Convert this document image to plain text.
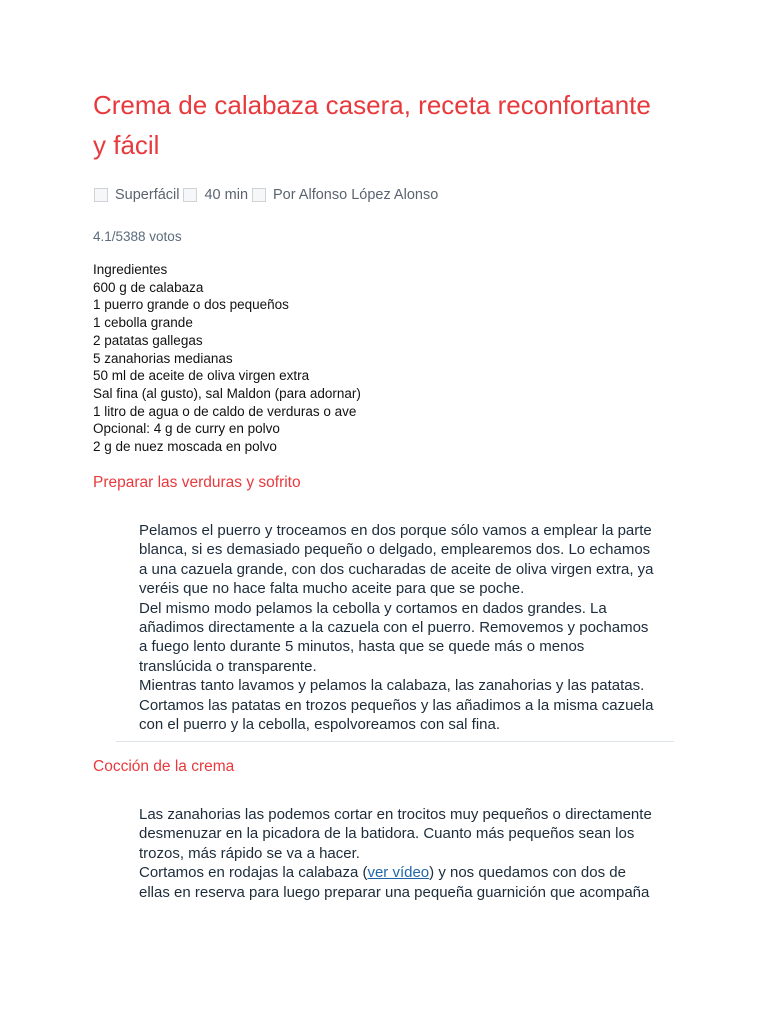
Crema de calabaza casera, receta reconfortante y fácil
Superfácil 40 min Por Alfonso López Alonso
4.1/5388 votos
Ingredientes
600 g de calabaza
1 puerro grande o dos pequeños
1 cebolla grande
2 patatas gallegas
5 zanahorias medianas
50 ml de aceite de oliva virgen extra
Sal fina (al gusto), sal Maldon (para adornar)
1 litro de agua o de caldo de verduras o ave
Opcional: 4 g de curry en polvo
2 g de nuez moscada en polvo
Preparar las verduras y sofrito
Pelamos el puerro y troceamos en dos porque sólo vamos a emplear la parte
blanca, si es demasiado pequeño o delgado, emplearemos dos. Lo echamos
a una cazuela grande, con dos cucharadas de aceite de oliva virgen extra, ya
veréis que no hace falta mucho aceite para que se poche.
Del mismo modo pelamos la cebolla y cortamos en dados grandes. La
añadimos directamente a la cazuela con el puerro. Removemos y pochamos
a fuego lento durante 5 minutos, hasta que se quede más o menos
translúcida o transparente.
Mientras tanto lavamos y pelamos la calabaza, las zanahorias y las patatas.
Cortamos las patatas en trozos pequeños y las añadimos a la misma cazuela
con el puerro y la cebolla, espolvoreamos con sal fina.
Cocción de la crema
Las zanahorias las podemos cortar en trocitos muy pequeños o directamente
desmenuzar en la picadora de la batidora. Cuanto más pequeños sean los
trozos, más rápido se va a hacer.
Cortamos en rodajas la calabaza (ver vídeo) y nos quedamos con dos de
ellas en reserva para luego preparar una pequeña guarnición que acompaña
